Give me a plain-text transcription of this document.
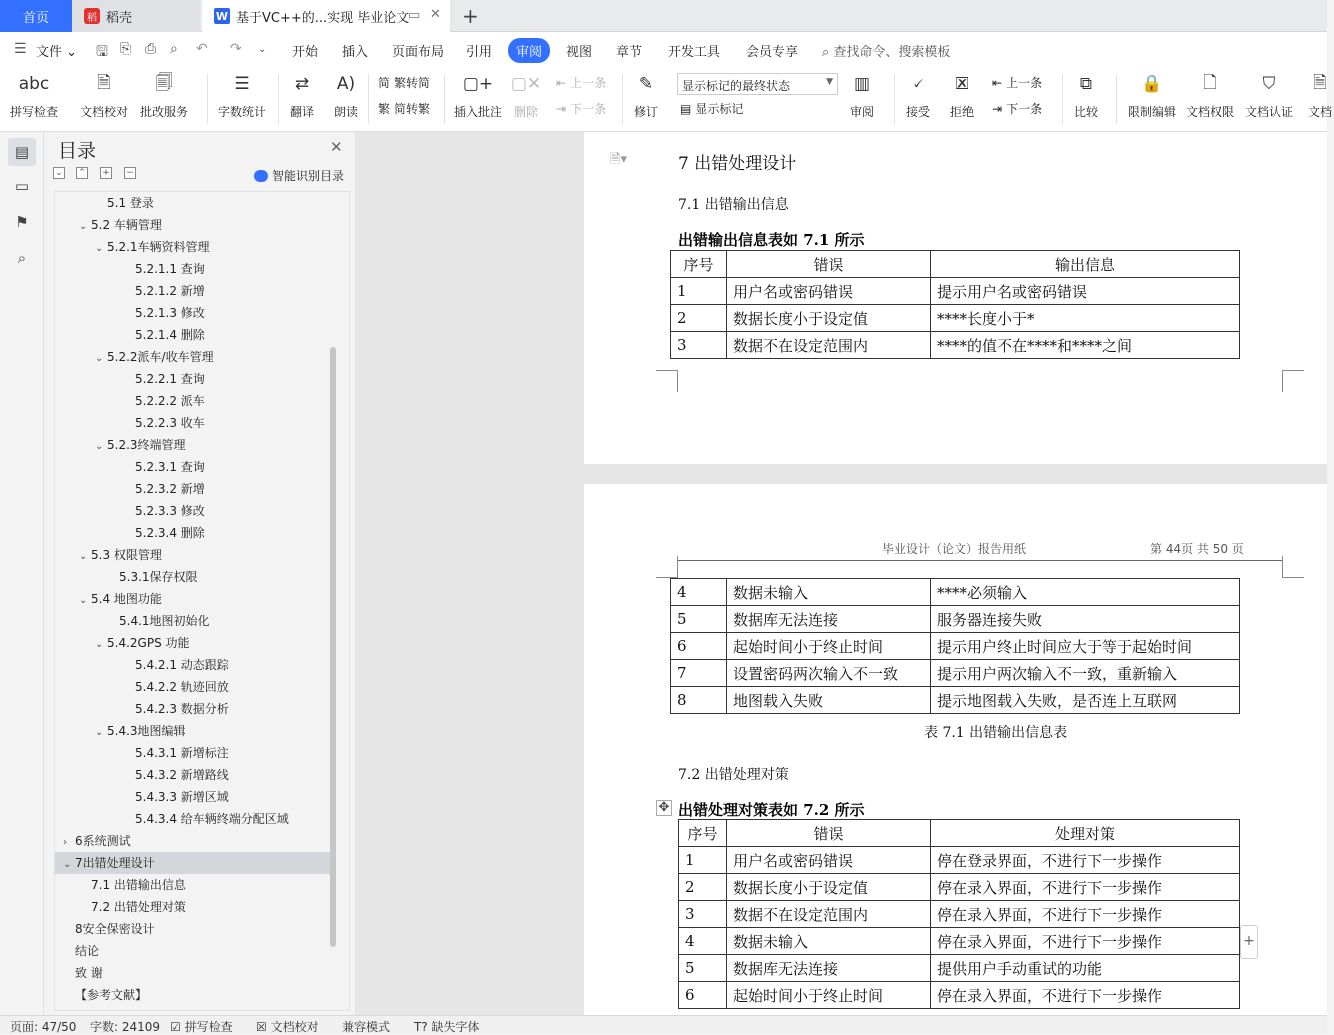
首页	稻 稻壳	W 基于VC++的...实现 毕业论文
▭ ✕ +
☰ 文件 ⌄ 🖫 ⎘ ⎙ ⌕ ↶ ↷ ⌄ 开始 插入 页面布局 引用	审阅	视图 章节 开发工具 会员专享 ⌕ 查找命令、搜索模板
abc
拼写检查
🗎
文档校对
🗐
批改服务
☰
字数统计
⇄
翻译
A)
朗读
简 繁转简
繁 简转繁
▢+
插入批注
▢✕
删除
⇤ 上一条
⇥ 下一条
✎
修订
显示标记的最终状态	▼
▤ 显示标记
▥
审阅
🗸
接受
🗷
拒绝
⇤ 上一条
⇥ 下一条
⧉
比较
🔒
限制编辑
🗋
文档权限
⛉
文档认证
🗎
文档
▤
▭
⚑
⌕
目录	✕
⌄ ⌃ + −	智能识别目录
5.1 登录
⌄ 5.2 车辆管理
⌄ 5.2.1车辆资料管理
5.2.1.1 查询
5.2.1.2 新增
5.2.1.3 修改
5.2.1.4 删除
⌄ 5.2.2派车/收车管理
5.2.2.1 查询
5.2.2.2 派车
5.2.2.3 收车
⌄ 5.2.3终端管理
5.2.3.1 查询
5.2.3.2 新增
5.2.3.3 修改
5.2.3.4 删除
⌄ 5.3 权限管理
5.3.1保存权限
⌄ 5.4 地图功能
5.4.1地图初始化
⌄ 5.4.2GPS 功能
5.4.2.1 动态跟踪
5.4.2.2 轨迹回放
5.4.2.3 数据分析
⌄ 5.4.3地图编辑
5.4.3.1 新增标注
5.4.3.2 新增路线
5.4.3.3 新增区域
5.4.3.4 给车辆终端分配区域
› 6系统测试
⌄ 7出错处理设计
7.1 出错输出信息
7.2 出错处理对策
8安全保密设计
结论
致 谢
【参考文献】
🗎▾	7 出错处理设计
7.1 出错输出信息
出错输出信息表如 7.1 所示
序号	错误	输出信息
1	用户名或密码错误	提示用户名或密码错误
2	数据长度小于设定值	****长度小于*
3	数据不在设定范围内	****的值不在****和****之间
毕业设计（论文）报告用纸	第 44页 共 50 页
4	数据未输入	****必须输入
5	数据库无法连接	服务器连接失败
6	起始时间小于终止时间	提示用户终止时间应大于等于起始时间
7	设置密码两次输入不一致	提示用户两次输入不一致，重新输入
8	地图载入失败	提示地图载入失败，是否连上互联网
表 7.1 出错输出信息表
7.2 出错处理对策
✥ 出错处理对策表如 7.2 所示
序号	错误	处理对策
1	用户名或密码错误	停在登录界面，不进行下一步操作
2	数据长度小于设定值	停在录入界面，不进行下一步操作
3	数据不在设定范围内	停在录入界面，不进行下一步操作
4	数据未输入	停在录入界面，不进行下一步操作
5	数据库无法连接	提供用户手动重试的功能
6	起始时间小于终止时间	停在录入界面，不进行下一步操作
+
页面: 47/50 字数: 24109 ☑ 拼写检查 ☒ 文档校对 兼容模式 T? 缺失字体
